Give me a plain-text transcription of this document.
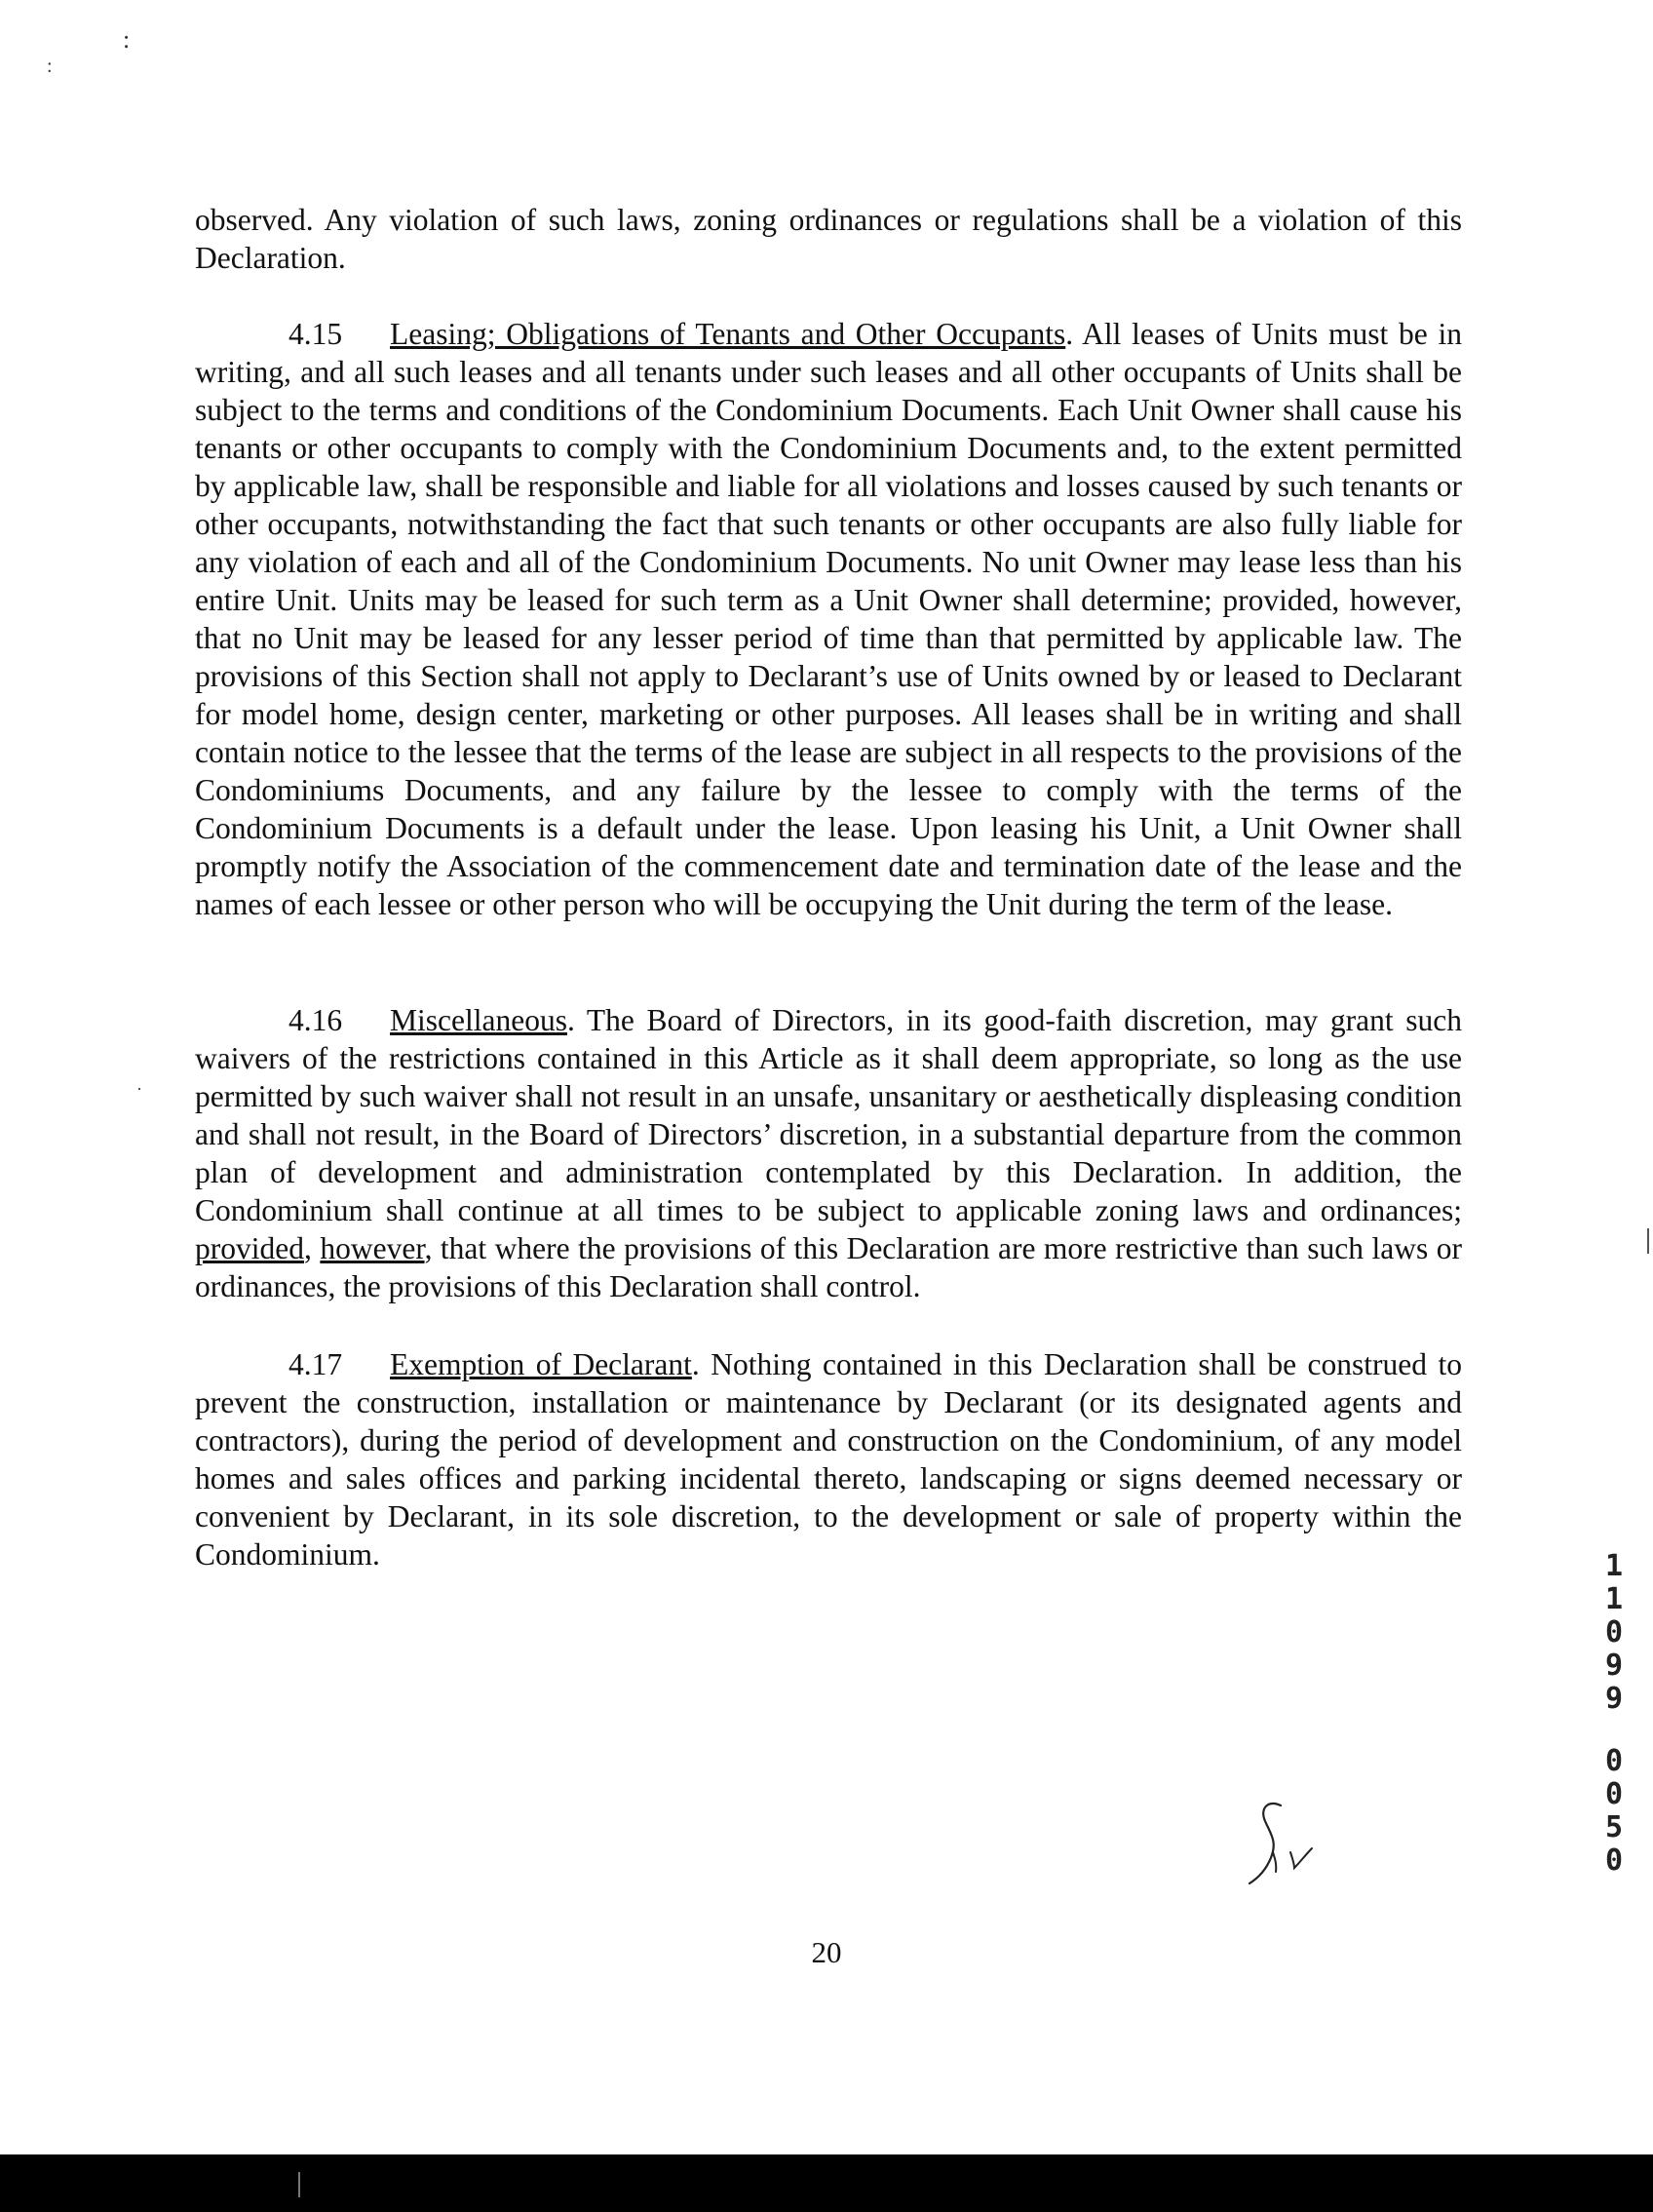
:
:

observed. Any violation of such laws, zoning ordinances or regulations shall be a violation of this Declaration.

4.15 Leasing; Obligations of Tenants and Other Occupants. All leases of Units must be in writing, and all such leases and all tenants under such leases and all other occupants of Units shall be subject to the terms and conditions of the Condominium Documents. Each Unit Owner shall cause his tenants or other occupants to comply with the Condominium Documents and, to the extent permitted by applicable law, shall be responsible and liable for all violations and losses caused by such tenants or other occupants, notwithstanding the fact that such tenants or other occupants are also fully liable for any violation of each and all of the Condominium Documents. No unit Owner may lease less than his entire Unit. Units may be leased for such term as a Unit Owner shall determine; provided, however, that no Unit may be leased for any lesser period of time than that permitted by applicable law. The provisions of this Section shall not apply to Declarant’s use of Units owned by or leased to Declarant for model home, design center, marketing or other purposes. All leases shall be in writing and shall contain notice to the lessee that the terms of the lease are subject in all respects to the provisions of the Condominiums Documents, and any failure by the lessee to comply with the terms of the Condominium Documents is a default under the lease. Upon leasing his Unit, a Unit Owner shall promptly notify the Association of the commencement date and termination date of the lease and the names of each lessee or other person who will be occupying the Unit during the term of the lease.

4.16 Miscellaneous. The Board of Directors, in its good-faith discretion, may grant such waivers of the restrictions contained in this Article as it shall deem appropriate, so long as the use permitted by such waiver shall not result in an unsafe, unsanitary or aesthetically displeasing condition and shall not result, in the Board of Directors’ discretion, in a substantial departure from the common plan of development and administration contemplated by this Declaration. In addition, the Condominium shall continue at all times to be subject to applicable zoning laws and ordinances; provided, however, that where the provisions of this Declaration are more restrictive than such laws or ordinances, the provisions of this Declaration shall control.

4.17 Exemption of Declarant. Nothing contained in this Declaration shall be construed to prevent the construction, installation or maintenance by Declarant (or its designated agents and contractors), during the period of development and construction on the Condominium, of any model homes and sales offices and parking incidental thereto, landscaping or signs deemed necessary or convenient by Declarant, in its sole discretion, to the development or sale of property within the Condominium.

·
20
1
1
0
9
9
0
0
5
0
